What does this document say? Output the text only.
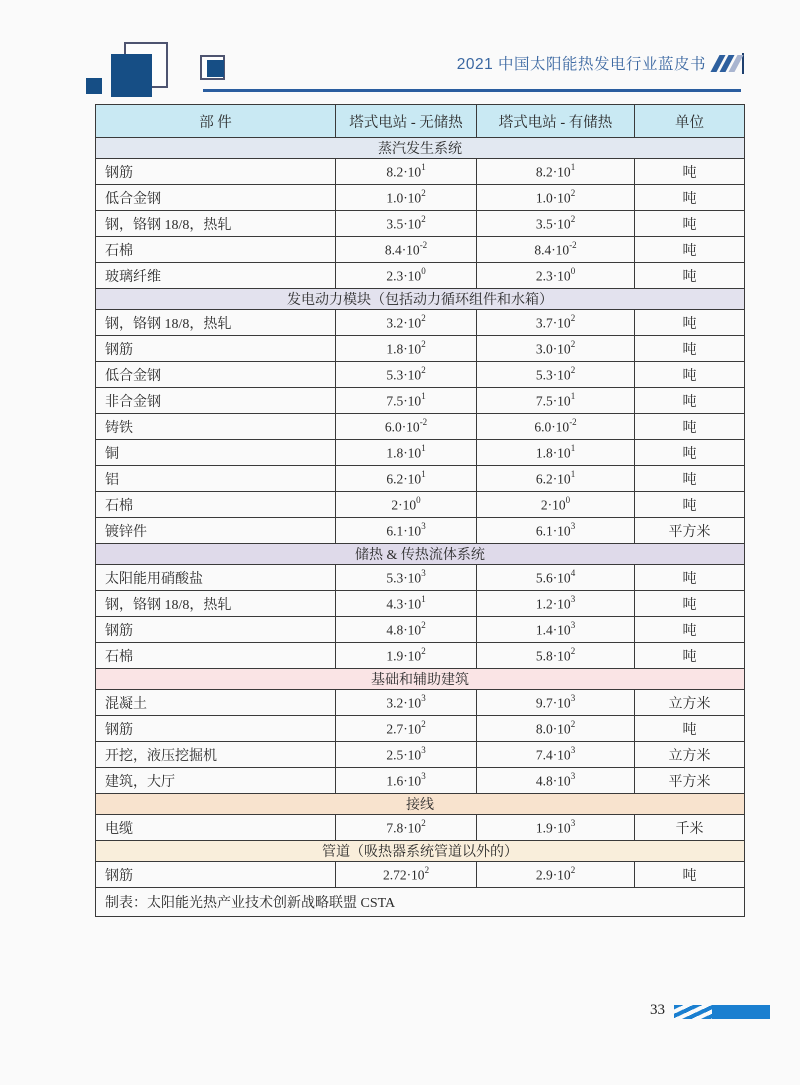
2021 中国太阳能热发电行业蓝皮书
部 件	塔式电站 - 无储热	塔式电站 - 有储热	单位
蒸汽发生系统			
钢筋	$8.2\cdot 10^1$	$8.2\cdot 10^1$	吨
低合金钢	$1.0\cdot 10^2$	$1.0\cdot 10^2$	吨
钢，铬钢 18/8，热轧	$3.5\cdot 10^2$	$3.5\cdot 10^2$	吨
石棉	$8.4\cdot 10^{-2}$	$8.4\cdot 10^{-2}$	吨
玻璃纤维	$2.3\cdot 10^0$	$2.3\cdot 10^0$	吨
发电动力模块（包括动力循环组件和水箱）			
钢，铬钢 18/8，热轧	$3.2\cdot 10^2$	$3.7\cdot 10^2$	吨
钢筋	$1.8\cdot 10^2$	$3.0\cdot 10^2$	吨
低合金钢	$5.3\cdot 10^2$	$5.3\cdot 10^2$	吨
非合金钢	$7.5\cdot 10^1$	$7.5\cdot 10^1$	吨
铸铁	$6.0\cdot 10^{-2}$	$6.0\cdot 10^{-2}$	吨
铜	$1.8\cdot 10^1$	$1.8\cdot 10^1$	吨
铝	$6.2\cdot 10^1$	$6.2\cdot 10^1$	吨
石棉	$2\cdot 10^0$	$2\cdot 10^0$	吨
镀锌件	$6.1\cdot 10^3$	$6.1\cdot 10^3$	平方米
储热 & 传热流体系统			
太阳能用硝酸盐	$5.3\cdot 10^3$	$5.6\cdot 10^4$	吨
钢，铬钢 18/8，热轧	$4.3\cdot 10^1$	$1.2\cdot 10^3$	吨
钢筋	$4.8\cdot 10^2$	$1.4\cdot 10^3$	吨
石棉	$1.9\cdot 10^2$	$5.8\cdot 10^2$	吨
基础和辅助建筑			
混凝土	$3.2\cdot 10^3$	$9.7\cdot 10^3$	立方米
钢筋	$2.7\cdot 10^2$	$8.0\cdot 10^2$	吨
开挖，液压挖掘机	$2.5\cdot 10^3$	$7.4\cdot 10^3$	立方米
建筑，大厅	$1.6\cdot 10^3$	$4.8\cdot 10^3$	平方米
接线			
电缆	$7.8\cdot 10^2$	$1.9\cdot 10^3$	千米
管道（吸热器系统管道以外的）			
钢筋	$2.72\cdot 10^2$	$2.9\cdot 10^2$	吨
制表：太阳能光热产业技术创新战略联盟 CSTA			
33
